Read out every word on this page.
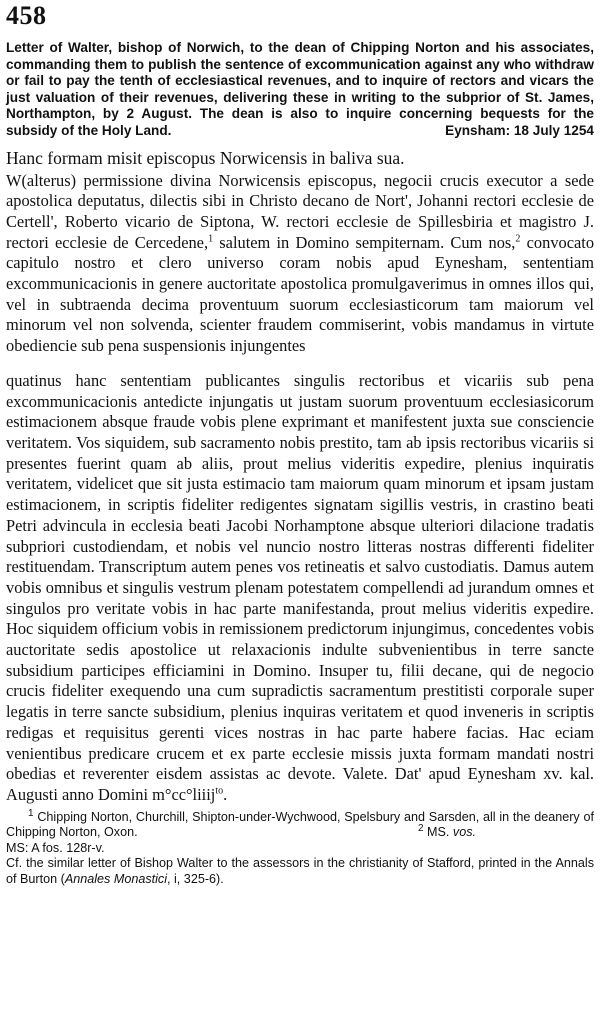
458
Letter of Walter, bishop of Norwich, to the dean of Chipping Norton and his associates, commanding them to publish the sentence of excommunication against any who withdraw or fail to pay the tenth of ecclesiastical revenues, and to inquire of rectors and vicars the just valuation of their revenues, delivering these in writing to the subprior of St. James, Northampton, by 2 August. The dean is also to inquire concerning bequests for the subsidy of the Holy Land.	Eynsham: 18 July 1254
Hanc formam misit episcopus Norwicensis in baliva sua.

W(alterus) permissione divina Norwicensis episcopus, negocii crucis executor a sede apostolica deputatus, dilectis sibi in Christo decano de Nort', Johanni rectori ecclesie de Certell', Roberto vicario de Siptona, W. rectori ecclesie de Spillesbiria et magistro J. rectori ecclesie de Cercedene,$^1$ salutem in Domino sempiternam. Cum nos,$^2$ convocato capitulo nostro et clero universo coram nobis apud Eynesham, sententiam excommunicacionis in genere auctoritate apostolica promulgaverimus in omnes illos qui, vel in subtraenda decima proventuum suorum ecclesiasticorum tam maiorum vel minorum vel non solvenda, scienter fraudem commiserint, vobis mandamus in virtute obediencie sub pena suspensionis injungentes

quatinus hanc sententiam publicantes singulis rectoribus et vicariis sub pena excommunicacionis antedicte injungatis ut justam suorum proventuum ecclesiasicorum estimacionem absque fraude vobis plene exprimant et manifestent juxta sue consciencie veritatem. Vos siquidem, sub sacramento nobis prestito, tam ab ipsis rectoribus vicariis si presentes fuerint quam ab aliis, prout melius videritis expedire, plenius inquiratis veritatem, videlicet que sit justa estimacio tam maiorum quam minorum et ipsam justam estimacionem, in scriptis fideliter redigentes signatam sigillis vestris, in crastino beati Petri advincula in ecclesia beati Jacobi Norhamptone absque ulteriori dilacione tradatis subpriori custodiendam, et nobis vel nuncio nostro litteras nostras differenti fideliter restituendam. Transcriptum autem penes vos retineatis et salvo custodiatis. Damus autem vobis omnibus et singulis vestrum plenam potestatem compellendi ad jurandum omnes et singulos pro veritate vobis in hac parte manifestanda, prout melius videritis expedire. Hoc siquidem officium vobis in remissionem predictorum injungimus, concedentes vobis auctoritate sedis apostolice ut relaxacionis indulte subvenientibus in terre sancte subsidium participes efficiamini in Domino. Insuper tu, filii decane, qui de negocio crucis fideliter exequendo una cum supradictis sacramentum prestitisti corporale super legatis in terre sancte subsidium, plenius inquiras veritatem et quod inveneris in scriptis redigas et requisitus gerenti vices nostras in hac parte habere facias. Hac eciam venientibus predicare crucem et ex parte ecclesie missis juxta formam mandati nostri obedias et reverenter eisdem assistas ac devote. Valete. Dat' apud Eynesham xv. kal. Augusti anno Domini m°cc°liiij$^{to}$.

$^1$ Chipping Norton, Churchill, Shipton-under-Wychwood, Spelsbury and Sarsden, all in the deanery of Chipping Norton, Oxon.	$^2$ MS. vos.

MS: A fos. 128r-v.

Cf. the similar letter of Bishop Walter to the assessors in the christianity of Stafford, printed in the Annals of Burton (Annales Monastici, i, 325-6).
